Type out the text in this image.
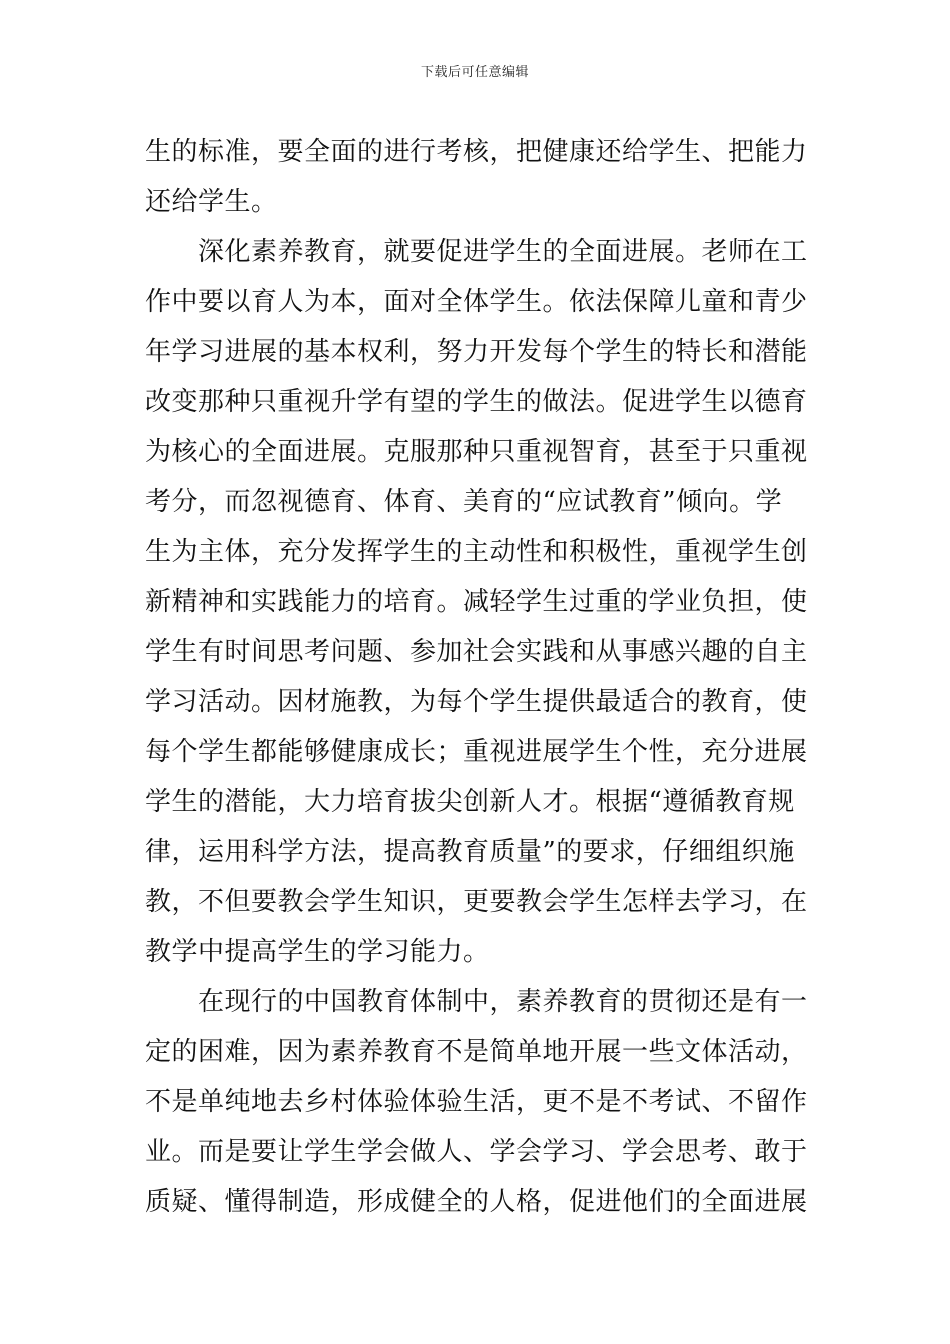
下载后可任意编辑
生的标准，要全面的进行考核，把健康还给学生、把能力
还给学生。
　　深化素养教育，就要促进学生的全面进展。老师在工
作中要以育人为本，面对全体学生。依法保障儿童和青少
年学习进展的基本权利，努力开发每个学生的特长和潜能
改变那种只重视升学有望的学生的做法。促进学生以德育
为核心的全面进展。克服那种只重视智育，甚至于只重视
考分，而忽视德育、体育、美育的“应试教育”倾向。学
生为主体，充分发挥学生的主动性和积极性，重视学生创
新精神和实践能力的培育。减轻学生过重的学业负担，使
学生有时间思考问题、参加社会实践和从事感兴趣的自主
学习活动。因材施教，为每个学生提供最适合的教育，使
每个学生都能够健康成长；重视进展学生个性，充分进展
学生的潜能，大力培育拔尖创新人才。根据“遵循教育规
律，运用科学方法，提高教育质量”的要求，仔细组织施
教，不但要教会学生知识，更要教会学生怎样去学习，在
教学中提高学生的学习能力。
　　在现行的中国教育体制中，素养教育的贯彻还是有一
定的困难，因为素养教育不是简单地开展一些文体活动，
不是单纯地去乡村体验体验生活，更不是不考试、不留作
业。而是要让学生学会做人、学会学习、学会思考、敢于
质疑、懂得制造，形成健全的人格，促进他们的全面进展
